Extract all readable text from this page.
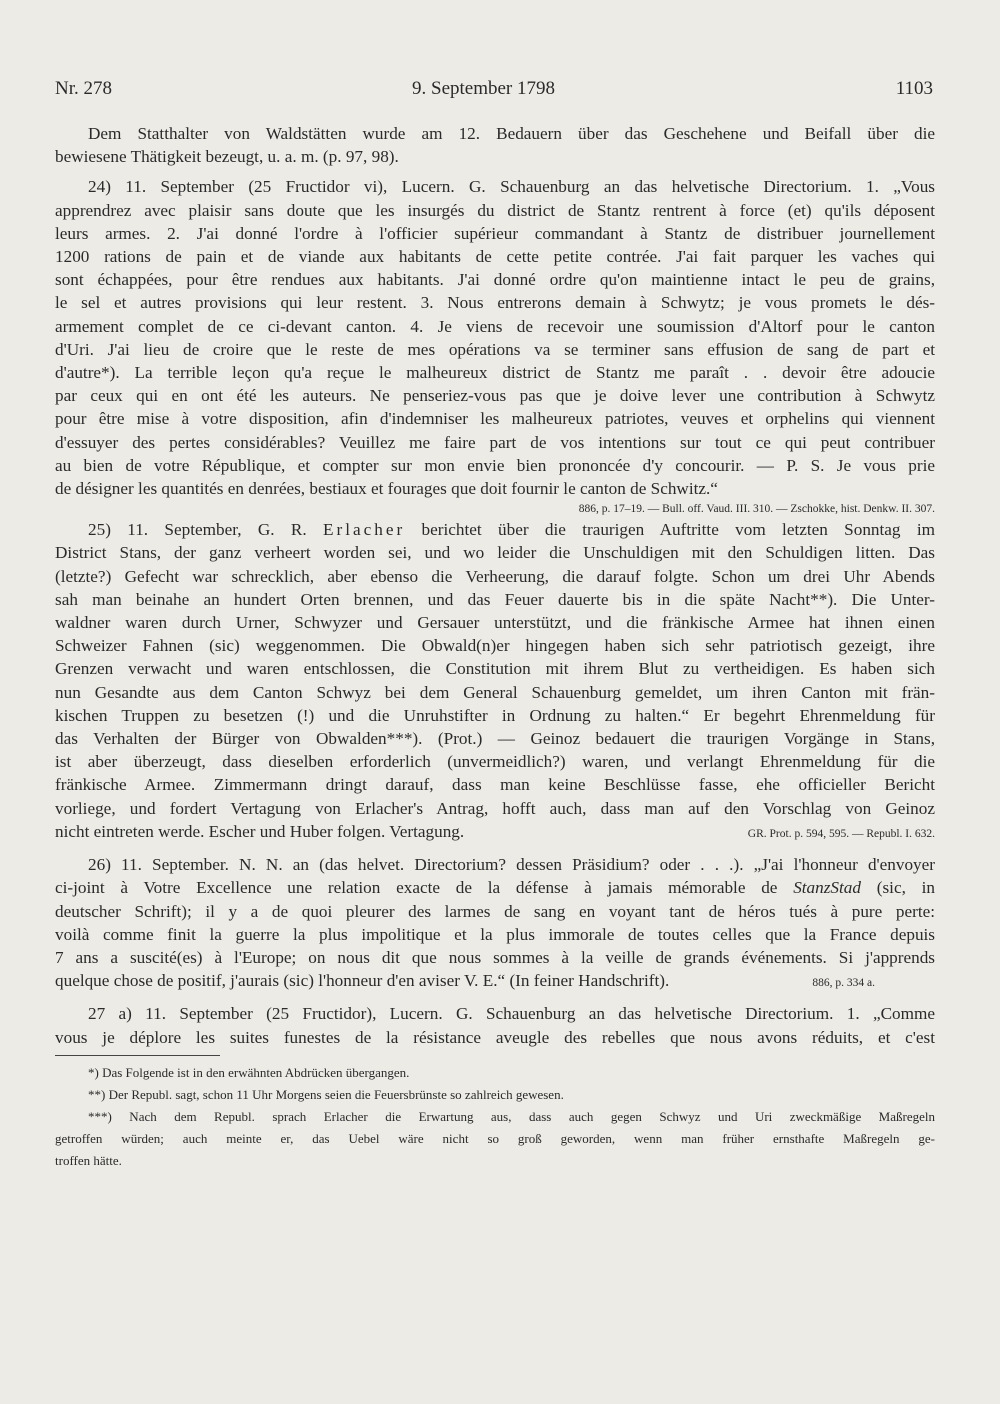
Nr. 278	9. September 1798	1103
Dem Statthalter von Waldstätten wurde am 12. Bedauern über das Geschehene und Beifall über die
bewiesene Thätigkeit bezeugt, u. a. m. (p. 97, 98).
24) 11. September (25 Fructidor vi), Lucern. G. Schauenburg an das helvetische Directorium. 1. „Vous
apprendrez avec plaisir sans doute que les insurgés du district de Stantz rentrent à force (et) qu'ils déposent
leurs armes. 2. J'ai donné l'ordre à l'officier supérieur commandant à Stantz de distribuer journellement
1200 rations de pain et de viande aux habitants de cette petite contrée. J'ai fait parquer les vaches qui
sont échappées, pour être rendues aux habitants. J'ai donné ordre qu'on maintienne intact le peu de grains,
le sel et autres provisions qui leur restent. 3. Nous entrerons demain à Schwytz; je vous promets le dés-
armement complet de ce ci-devant canton. 4. Je viens de recevoir une soumission d'Altorf pour le canton
d'Uri. J'ai lieu de croire que le reste de mes opérations va se terminer sans effusion de sang de part et
d'autre*). La terrible leçon qu'a reçue le malheureux district de Stantz me paraît . . devoir être adoucie
par ceux qui en ont été les auteurs. Ne penseriez-vous pas que je doive lever une contribution à Schwytz
pour être mise à votre disposition, afin d'indemniser les malheureux patriotes, veuves et orphelins qui viennent
d'essuyer des pertes considérables? Veuillez me faire part de vos intentions sur tout ce qui peut contribuer
au bien de votre République, et compter sur mon envie bien prononcée d'y concourir. — P. S. Je vous prie
de désigner les quantités en denrées, bestiaux et fourages que doit fournir le canton de Schwitz.“
886, p. 17–19. — Bull. off. Vaud. III. 310. — Zschokke, hist. Denkw. II. 307.
25) 11. September, G. R. Erlacher berichtet über die traurigen Auftritte vom letzten Sonntag im
District Stans, der ganz verheert worden sei, und wo leider die Unschuldigen mit den Schuldigen litten. Das
(letzte?) Gefecht war schrecklich, aber ebenso die Verheerung, die darauf folgte. Schon um drei Uhr Abends
sah man beinahe an hundert Orten brennen, und das Feuer dauerte bis in die späte Nacht**). Die Unter-
waldner waren durch Urner, Schwyzer und Gersauer unterstützt, und die fränkische Armee hat ihnen einen
Schweizer Fahnen (sic) weggenommen. Die Obwald(n)er hingegen haben sich sehr patriotisch gezeigt, ihre
Grenzen verwacht und waren entschlossen, die Constitution mit ihrem Blut zu vertheidigen. Es haben sich
nun Gesandte aus dem Canton Schwyz bei dem General Schauenburg gemeldet, um ihren Canton mit frän-
kischen Truppen zu besetzen (!) und die Unruhstifter in Ordnung zu halten.“ Er begehrt Ehrenmeldung für
das Verhalten der Bürger von Obwalden***). (Prot.) — Geinoz bedauert die traurigen Vorgänge in Stans,
ist aber überzeugt, dass dieselben erforderlich (unvermeidlich?) waren, und verlangt Ehrenmeldung für die
fränkische Armee. Zimmermann dringt darauf, dass man keine Beschlüsse fasse, ehe officieller Bericht
vorliege, und fordert Vertagung von Erlacher's Antrag, hofft auch, dass man auf den Vorschlag von Geinoz
nicht eintreten werde. Escher und Huber folgen. Vertagung.	GR. Prot. p. 594, 595. — Republ. I. 632.
26) 11. September. N. N. an (das helvet. Directorium? dessen Präsidium? oder . . .). „J'ai l'honneur d'envoyer
ci-joint à Votre Excellence une relation exacte de la défense à jamais mémorable de StanzStad (sic, in
deutscher Schrift); il y a de quoi pleurer des larmes de sang en voyant tant de héros tués à pure perte:
voilà comme finit la guerre la plus impolitique et la plus immorale de toutes celles que la France depuis
7 ans a suscité(es) à l'Europe; on nous dit que nous sommes à la veille de grands événements. Si j'apprends
quelque chose de positif, j'aurais (sic) l'honneur d'en aviser V. E.“ (In feiner Handschrift).	886, p. 334 a.
27 a) 11. September (25 Fructidor), Lucern. G. Schauenburg an das helvetische Directorium. 1. „Comme
vous je déplore les suites funestes de la résistance aveugle des rebelles que nous avons réduits, et c'est
*) Das Folgende ist in den erwähnten Abdrücken übergangen.
**) Der Republ. sagt, schon 11 Uhr Morgens seien die Feuersbrünste so zahlreich gewesen.
***) Nach dem Republ. sprach Erlacher die Erwartung aus, dass auch gegen Schwyz und Uri zweckmäßige Maßregeln
getroffen würden; auch meinte er, das Uebel wäre nicht so groß geworden, wenn man früher ernsthafte Maßregeln ge-
troffen hätte.
